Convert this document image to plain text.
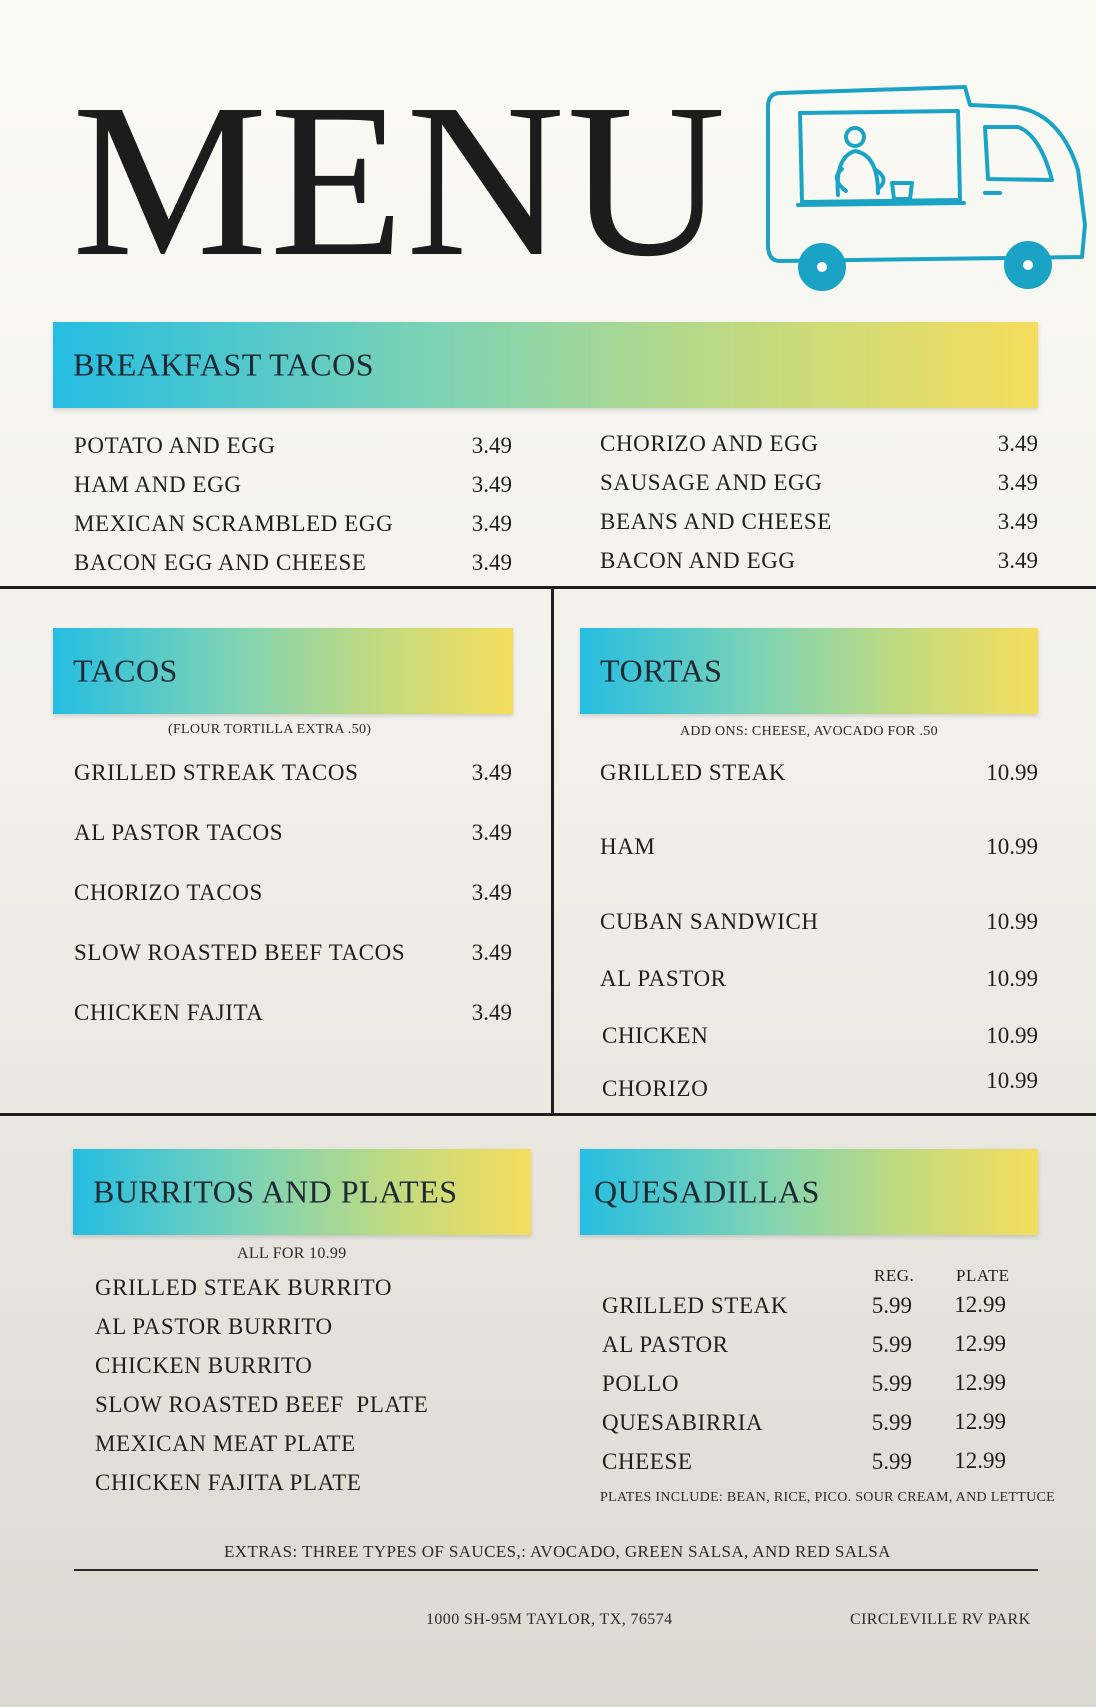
MENU
BREAKFAST TACOS
POTATO AND EGG	3.49
HAM AND EGG	3.49
MEXICAN SCRAMBLED EGG	3.49
BACON EGG AND CHEESE	3.49
CHORIZO AND EGG	3.49
SAUSAGE AND EGG	3.49
BEANS AND CHEESE	3.49
BACON AND EGG	3.49
TACOS
(FLOUR TORTILLA EXTRA .50)
GRILLED STREAK TACOS	3.49
AL PASTOR TACOS	3.49
CHORIZO TACOS	3.49
SLOW ROASTED BEEF TACOS	3.49
CHICKEN FAJITA	3.49
TORTAS
ADD ONS: CHEESE, AVOCADO FOR .50
GRILLED STEAK	10.99
HAM	10.99
CUBAN SANDWICH	10.99
AL PASTOR	10.99
CHICKEN	10.99
CHORIZO	10.99
BURRITOS AND PLATES
ALL FOR 10.99
GRILLED STEAK BURRITO
AL PASTOR BURRITO
CHICKEN BURRITO
SLOW ROASTED BEEF  PLATE
MEXICAN MEAT PLATE
CHICKEN FAJITA PLATE
QUESADILLAS
REG. PLATE
GRILLED STEAK	5.99	12.99
AL PASTOR	5.99	12.99
POLLO	5.99	12.99
QUESABIRRIA	5.99	12.99
CHEESE	5.99	12.99
PLATES INCLUDE: BEAN, RICE, PICO. SOUR CREAM, AND LETTUCE
EXTRAS: THREE TYPES OF SAUCES,: AVOCADO, GREEN SALSA, AND RED SALSA
1000 SH-95M TAYLOR, TX, 76574	CIRCLEVILLE RV PARK
